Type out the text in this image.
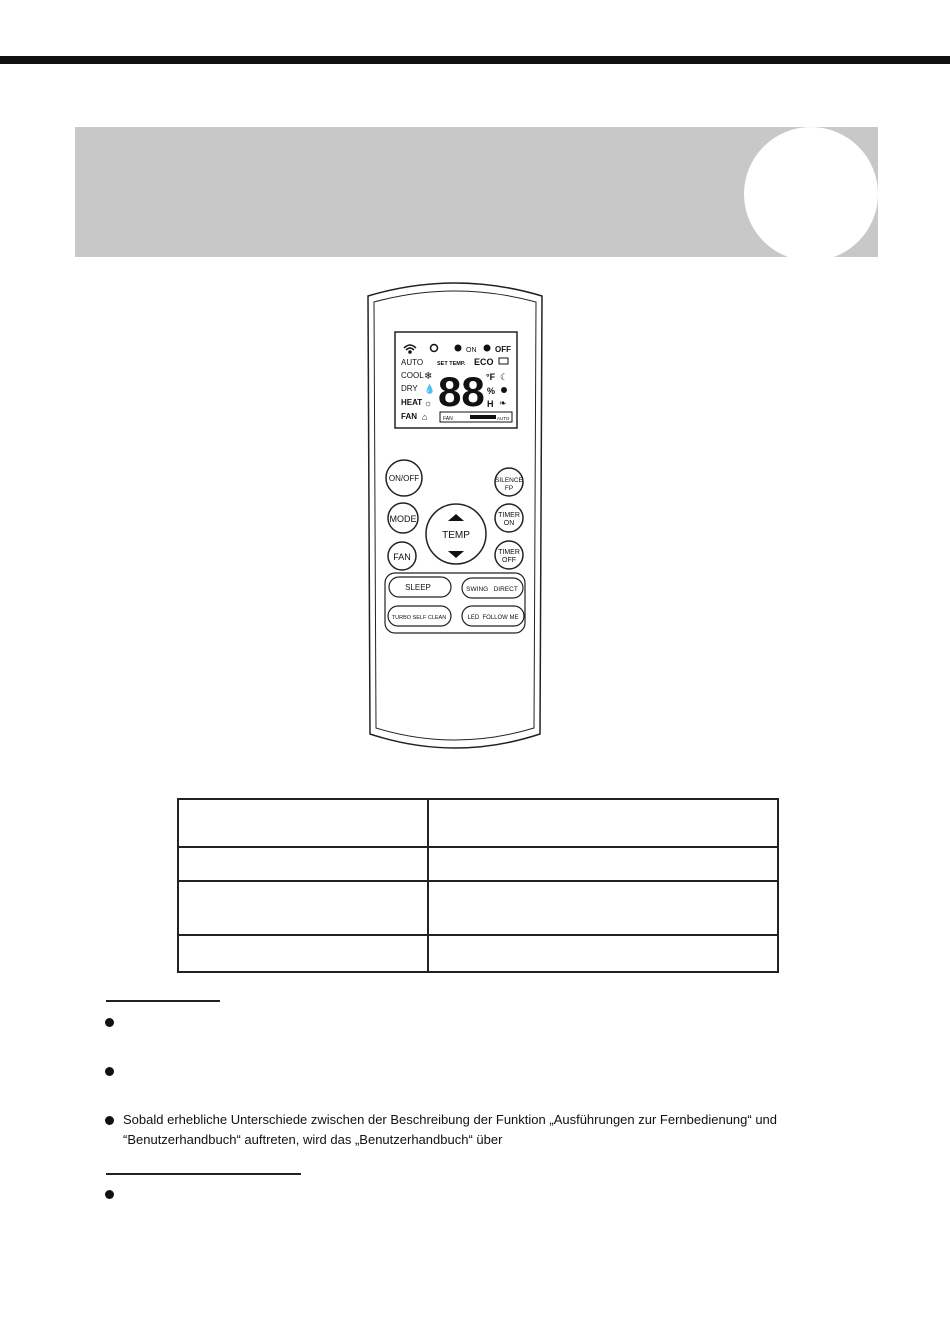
ON OFF
AUTO	SET TEMP. ECO
COOL
DRY
HEAT
FAN
❄
💧
☼
⌂
88 °F
%
H
☾
❧
FAN	AUTO
ON/OFF	SILENCE
FP
MODE
TEMP
TIMER
ON
FAN	TIMER
OFF
SLEEP	SWING   DIRECT
TURBO SELF CLEAN	LED  FOLLOW ME

Sobald erhebliche Unterschiede zwischen der Beschreibung der Funktion „Ausführungen zur Fernbedienung“ und
“Benutzerhandbuch“ auftreten, wird das „Benutzerhandbuch“ über
